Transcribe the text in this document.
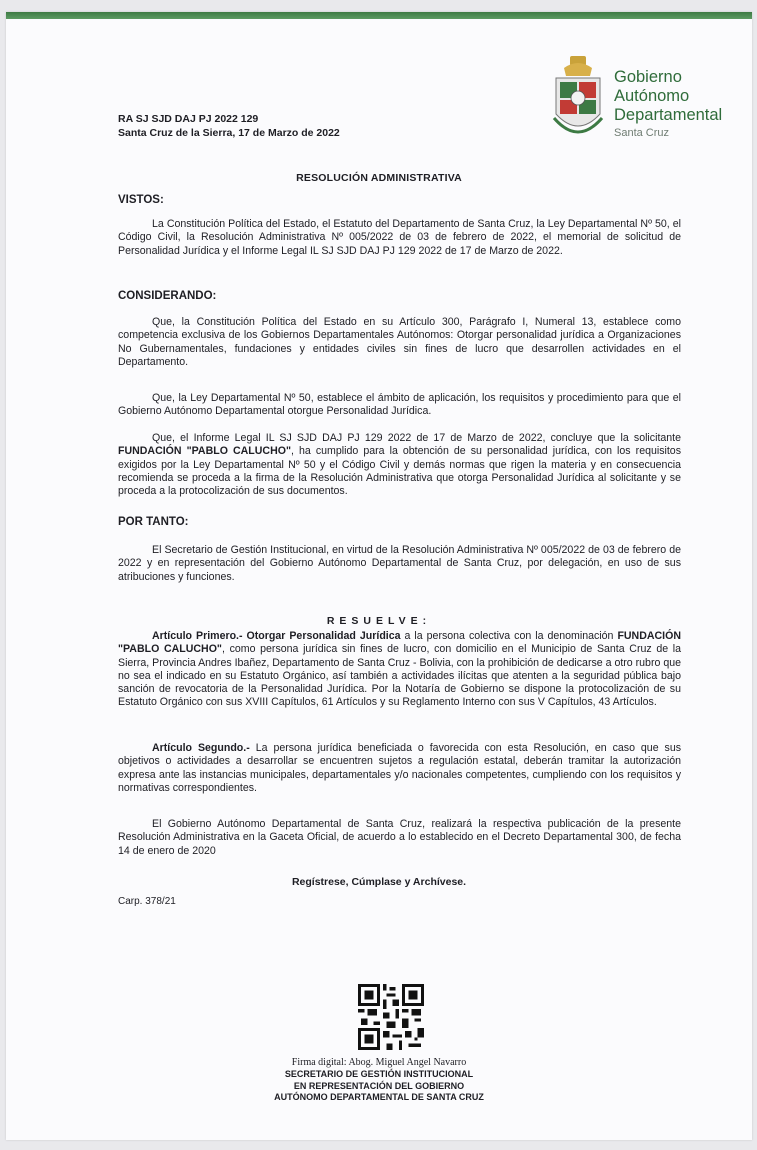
Gobierno
Autónomo
Departamental
Santa Cruz
RA SJ SJD DAJ PJ 2022 129
Santa Cruz de la Sierra, 17 de Marzo de 2022
RESOLUCIÓN ADMINISTRATIVA
VISTOS:
La Constitución Política del Estado, el Estatuto del Departamento de Santa Cruz, la Ley Departamental Nº 50, el Código Civil, la Resolución Administrativa Nº 005/2022 de 03 de febrero de 2022, el memorial de solicitud de Personalidad Jurídica y el Informe Legal IL SJ SJD DAJ PJ 129 2022 de 17 de Marzo de 2022.
CONSIDERANDO:
Que, la Constitución Política del Estado en su Artículo 300, Parágrafo I, Numeral 13, establece como competencia exclusiva de los Gobiernos Departamentales Autónomos: Otorgar personalidad jurídica a Organizaciones No Gubernamentales, fundaciones y entidades civiles sin fines de lucro que desarrollen actividades en el Departamento.
Que, la Ley Departamental Nº 50, establece el ámbito de aplicación, los requisitos y procedimiento para que el Gobierno Autónomo Departamental otorgue Personalidad Jurídica.
Que, el Informe Legal IL SJ SJD DAJ PJ 129 2022 de 17 de Marzo de 2022, concluye que la solicitante FUNDACIÓN "PABLO CALUCHO", ha cumplido para la obtención de su personalidad jurídica, con los requisitos exigidos por la Ley Departamental Nº 50 y el Código Civil y demás normas que rigen la materia y en consecuencia recomienda se proceda a la firma de la Resolución Administrativa que otorga Personalidad Jurídica al solicitante y se proceda a la protocolización de sus documentos.
POR TANTO:
El Secretario de Gestión Institucional, en virtud de la Resolución Administrativa Nº 005/2022 de 03 de febrero de 2022 y en representación del Gobierno Autónomo Departamental de Santa Cruz, por delegación, en uso de sus atribuciones y funciones.
RESUELVE:
Artículo Primero.- Otorgar Personalidad Jurídica a la persona colectiva con la denominación FUNDACIÓN "PABLO CALUCHO", como persona jurídica sin fines de lucro, con domicilio en el Municipio de Santa Cruz de la Sierra, Provincia Andres Ibañez, Departamento de Santa Cruz - Bolivia, con la prohibición de dedicarse a otro rubro que no sea el indicado en su Estatuto Orgánico, así también a actividades ilícitas que atenten a la seguridad pública bajo sanción de revocatoria de la Personalidad Jurídica. Por la Notaría de Gobierno se dispone la protocolización de su Estatuto Orgánico con sus XVIII Capítulos, 61 Artículos y su Reglamento Interno con sus V Capítulos, 43 Artículos.
Artículo Segundo.- La persona jurídica beneficiada o favorecida con esta Resolución, en caso que sus objetivos o actividades a desarrollar se encuentren sujetos a regulación estatal, deberán tramitar la autorización expresa ante las instancias municipales, departamentales y/o nacionales competentes, cumpliendo con los requisitos y normativas correspondientes.
El Gobierno Autónomo Departamental de Santa Cruz, realizará la respectiva publicación de la presente Resolución Administrativa en la Gaceta Oficial, de acuerdo a lo establecido en el Decreto Departamental 300, de fecha 14 de enero de 2020
Regístrese, Cúmplase y Archívese.
Carp. 378/21
Firma digital: Abog. Miguel Angel Navarro
SECRETARIO DE GESTIÓN INSTITUCIONAL
EN REPRESENTACIÓN DEL GOBIERNO
AUTÓNOMO DEPARTAMENTAL DE SANTA CRUZ
